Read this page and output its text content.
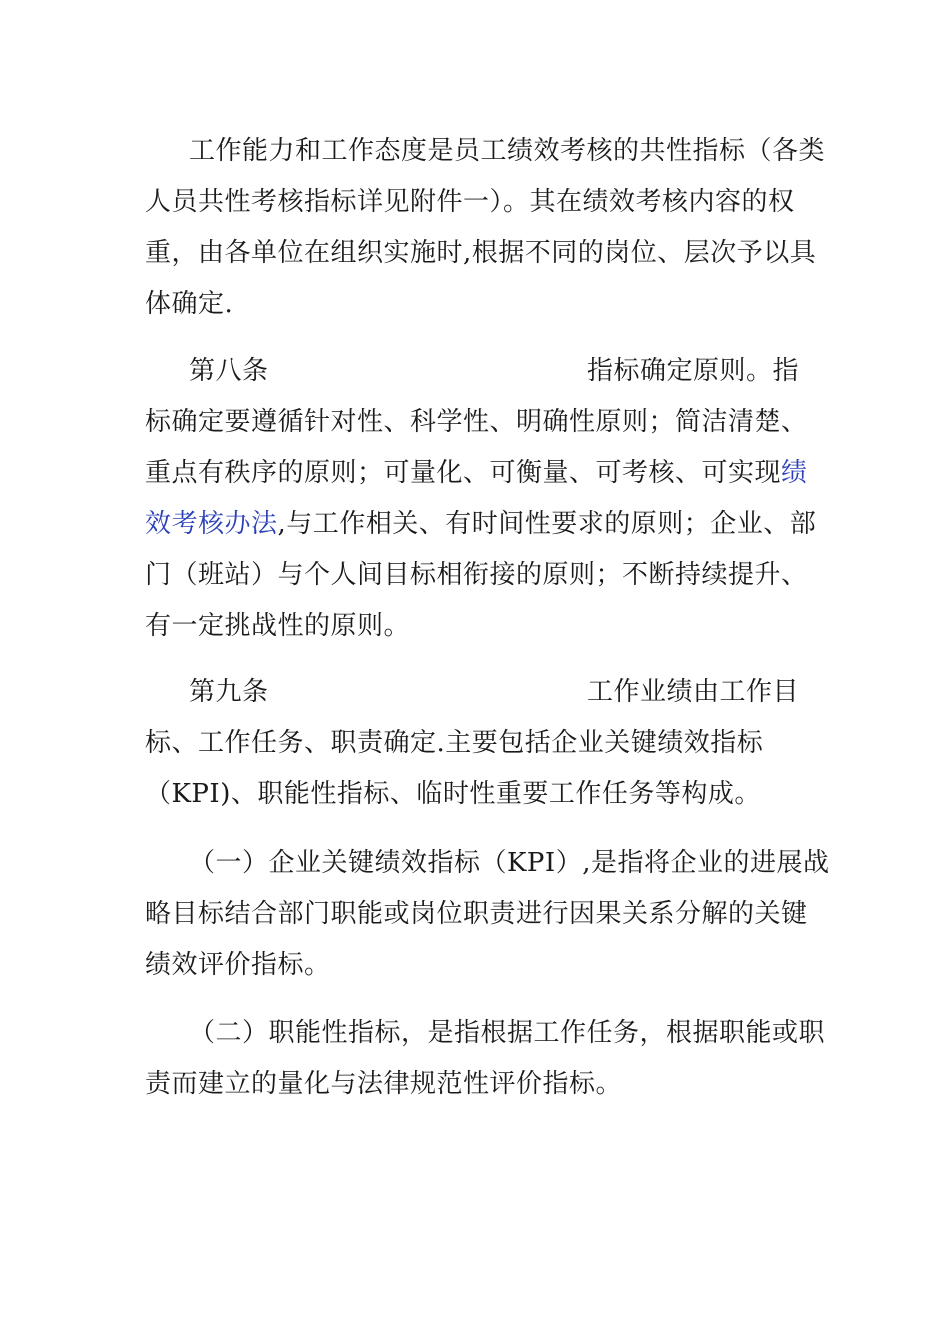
工作能力和工作态度是员工绩效考核的共性指标（各类
人员共性考核指标详见附件一）。其在绩效考核内容的权
重，由各单位在组织实施时,根据不同的岗位、层次予以具
体确定.
第八条	指标确定原则。指
标确定要遵循针对性、科学性、明确性原则；简洁清楚、
重点有秩序的原则；可量化、可衡量、可考核、可实现绩
效考核办法,与工作相关、有时间性要求的原则；企业、部
门（班站）与个人间目标相衔接的原则；不断持续提升、
有一定挑战性的原则。
第九条	工作业绩由工作目
标、工作任务、职责确定.主要包括企业关键绩效指标
（KPI)、职能性指标、临时性重要工作任务等构成。
（一）企业关键绩效指标（KPI）,是指将企业的进展战
略目标结合部门职能或岗位职责进行因果关系分解的关键
绩效评价指标。
（二）职能性指标，是指根据工作任务，根据职能或职
责而建立的量化与法律规范性评价指标。
